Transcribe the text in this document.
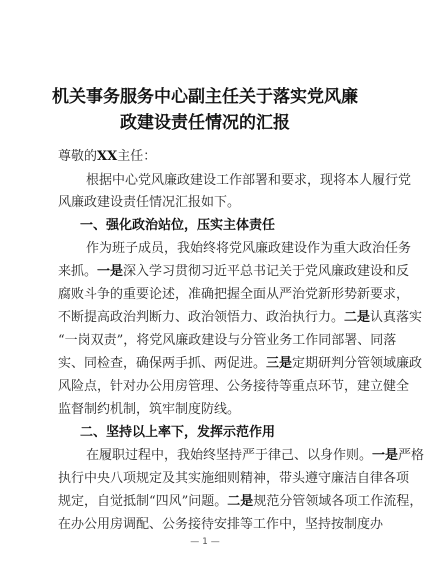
机关事务服务中心副主任关于落实党风廉
政建设责任情况的汇报
尊敬的XX主任：
根据中心党风廉政建设工作部署和要求，现将本人履行党
风廉政建设责任情况汇报如下。
一、强化政治站位，压实主体责任
作为班子成员，我始终将党风廉政建设作为重大政治任务
来抓。一是深入学习贯彻习近平总书记关于党风廉政建设和反
腐败斗争的重要论述，准确把握全面从严治党新形势新要求，
不断提高政治判断力、政治领悟力、政治执行力。二是认真落实
“一岗双责”，将党风廉政建设与分管业务工作同部署、同落
实、同检查，确保两手抓、两促进。三是定期研判分管领域廉政
风险点，针对办公用房管理、公务接待等重点环节，建立健全
监督制约机制，筑牢制度防线。
二、坚持以上率下，发挥示范作用
在履职过程中，我始终坚持严于律己、以身作则。一是严格
执行中央八项规定及其实施细则精神，带头遵守廉洁自律各项
规定，自觉抵制“四风”问题。二是规范分管领域各项工作流程，
在办公用房调配、公务接待安排等工作中，坚持按制度办
— 1 —
